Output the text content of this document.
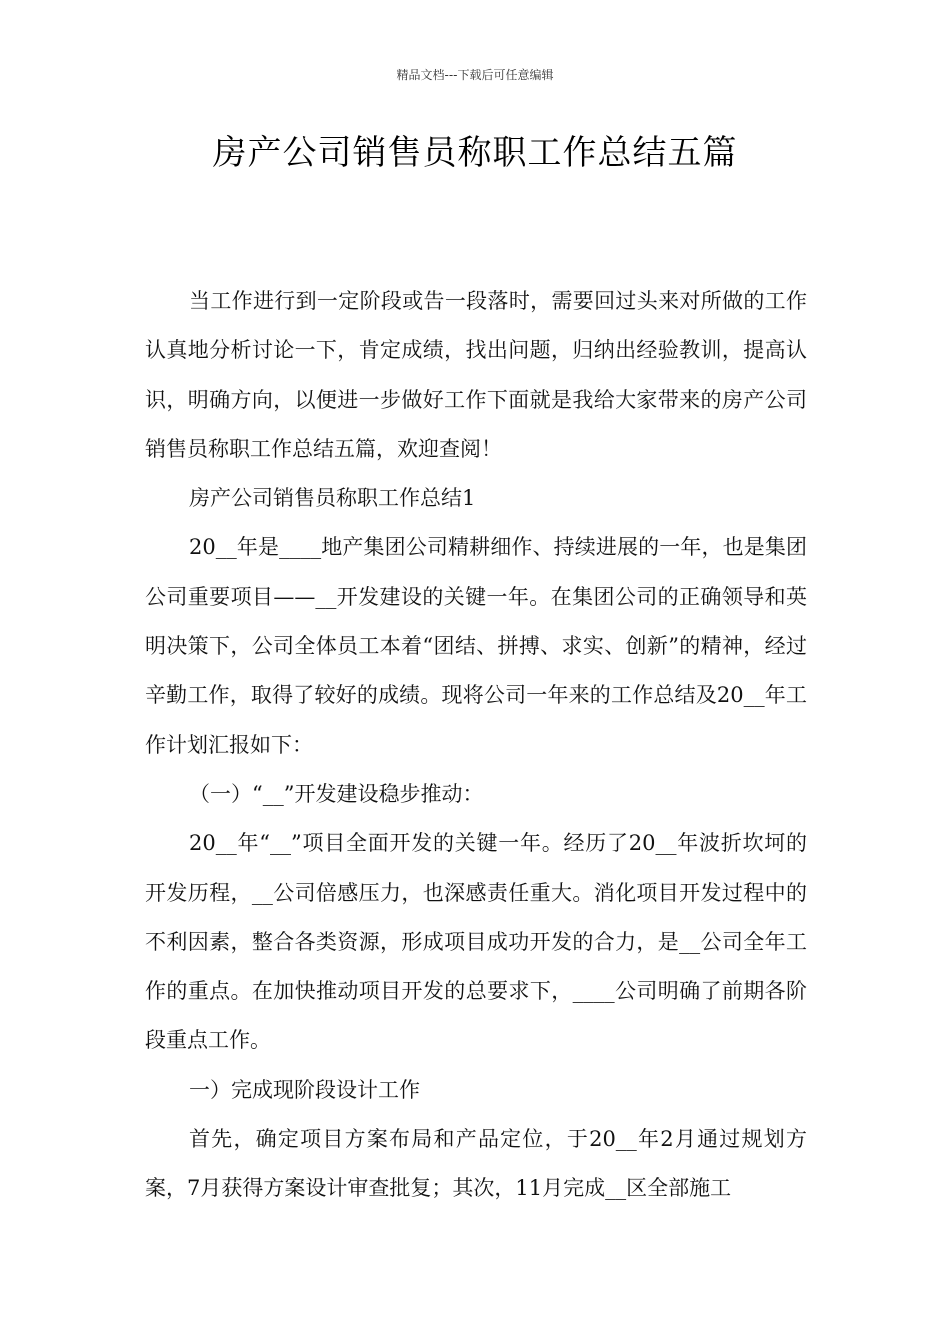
精品文档---下载后可任意编辑
房产公司销售员称职工作总结五篇

当工作进行到一定阶段或告一段落时，需要回过头来对所做的工作认真地分析讨论一下，肯定成绩，找出问题，归纳出经验教训，提高认识，明确方向，以便进一步做好工作下面就是我给大家带来的房产公司销售员称职工作总结五篇，欢迎查阅！

房产公司销售员称职工作总结1

20__年是____地产集团公司精耕细作、持续进展的一年，也是集团公司重要项目——__开发建设的关键一年。在集团公司的正确领导和英明决策下，公司全体员工本着“团结、拼搏、求实、创新”的精神，经过辛勤工作，取得了较好的成绩。现将公司一年来的工作总结及20__年工作计划汇报如下：

（一）“__”开发建设稳步推动：

20__年“__”项目全面开发的关键一年。经历了20__年波折坎坷的开发历程，__公司倍感压力，也深感责任重大。消化项目开发过程中的不利因素，整合各类资源，形成项目成功开发的合力，是__公司全年工作的重点。在加快推动项目开发的总要求下，____公司明确了前期各阶段重点工作。

一）完成现阶段设计工作

首先，确定项目方案布局和产品定位，于20__年2月通过规划方案，7月获得方案设计审查批复；其次，11月完成__区全部施工
